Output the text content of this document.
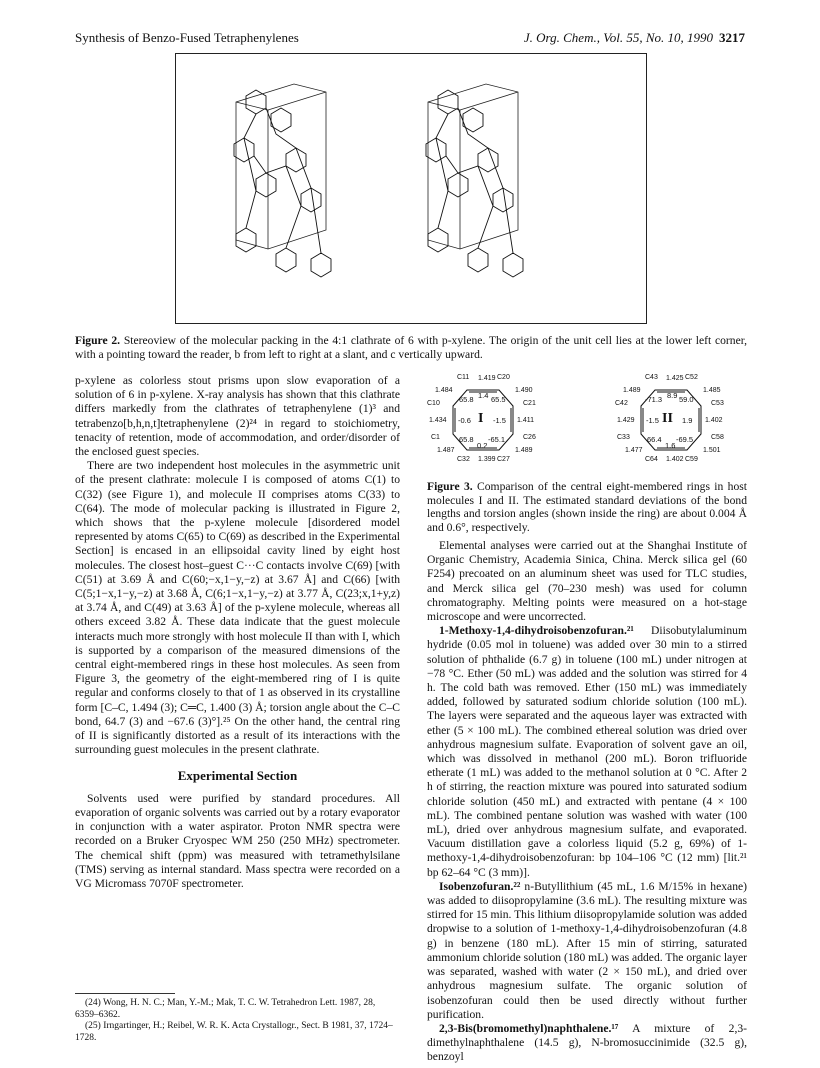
Synthesis of Benzo-Fused Tetraphenylenes	J. Org. Chem., Vol. 55, No. 10, 1990 3217
Figure 2. Stereoview of the molecular packing in the 4:1 clathrate of 6 with p-xylene. The origin of the unit cell lies at the lower left corner, with a pointing toward the reader, b from left to right at a slant, and c vertically upward.

p-xylene as colorless stout prisms upon slow evaporation of a solution of 6 in p-xylene. X-ray analysis has shown that this clathrate differs markedly from the clathrates of tetraphenylene (1)³ and tetrabenzo[b,h,n,t]tetraphenylene (2)²⁴ in regard to stoichiometry, tenacity of retention, mode of accommodation, and order/disorder of the enclosed guest species.

There are two independent host molecules in the asymmetric unit of the present clathrate: molecule I is composed of atoms C(1) to C(32) (see Figure 1), and molecule II comprises atoms C(33) to C(64). The mode of molecular packing is illustrated in Figure 2, which shows that the p-xylene molecule [disordered model represented by atoms C(65) to C(69) as described in the Experimental Section] is encased in an ellipsoidal cavity lined by eight host molecules. The closest host–guest C···C contacts involve C(69) [with C(51) at 3.69 Å and C(60;−x,1−y,−z) at 3.67 Å] and C(66) [with C(5;1−x,1−y,−z) at 3.68 Å, C(6;1−x,1−y,−z) at 3.77 Å, C(23;x,1+y,z) at 3.74 Å, and C(49) at 3.63 Å] of the p-xylene molecule, whereas all others exceed 3.82 Å. These data indicate that the guest molecule interacts much more strongly with host molecule II than with I, which is supported by a comparison of the measured dimensions of the central eight-membered rings in these host molecules. As seen from Figure 3, the geometry of the eight-membered ring of I is quite regular and conforms closely to that of 1 as observed in its crystalline form [C–C, 1.494 (3); C═C, 1.400 (3) Å; torsion angle about the C–C bond, 64.7 (3) and −67.6 (3)°].²⁵ On the other hand, the central ring of II is significantly distorted as a result of its interactions with the surrounding guest molecules in the present clathrate.

Experimental Section

Solvents used were purified by standard procedures. All evaporation of organic solvents was carried out by a rotary evaporator in conjunction with a water aspirator. Proton NMR spectra were recorded on a Bruker Cryospec WM 250 (250 MHz) spectrometer. The chemical shift (ppm) was measured with tetramethylsilane (TMS) serving as internal standard. Mass spectra were recorded on a VG Micromass 7070F spectrometer.

(24) Wong, H. N. C.; Man, Y.-M.; Mak, T. C. W. Tetrahedron Lett. 1987, 28, 6359–6362.

(25) Irngartinger, H.; Reibel, W. R. K. Acta Crystallogr., Sect. B 1981, 37, 1724–1728.

C11 1.419 C20
1.484	1.490
C10	C21
1.434	1.411
C1	C26
1.487	1.489
C32 1.399 C27
65.8 1.4 65.5
-0.6 I -1.5
65.8 -65.1
0.2
C43 1.425 C52
1.489	1.485
C42	C53
1.429	1.402
C33	C58
1.477	1.501
C64 1.402 C59
-71.3 8.9 59.0
-1.5 II 1.9
66.4 -69.5
1.6
Figure 3. Comparison of the central eight-membered rings in host molecules I and II. The estimated standard deviations of the bond lengths and torsion angles (shown inside the ring) are about 0.004 Å and 0.6°, respectively.

Elemental analyses were carried out at the Shanghai Institute of Organic Chemistry, Academia Sinica, China. Merck silica gel (60 F254) precoated on an aluminum sheet was used for TLC studies, and Merck silica gel (70–230 mesh) was used for column chromatography. Melting points were measured on a hot-stage microscope and were uncorrected.

1-Methoxy-1,4-dihydroisobenzofuran.²¹ Diisobutylaluminum hydride (0.05 mol in toluene) was added over 30 min to a stirred solution of phthalide (6.7 g) in toluene (100 mL) under nitrogen at −78 °C. Ether (50 mL) was added and the solution was stirred for 4 h. The cold bath was removed. Ether (150 mL) was immediately added, followed by saturated sodium chloride solution (100 mL). The layers were separated and the aqueous layer was extracted with ether (5 × 100 mL). The combined ethereal solution was dried over anhydrous magnesium sulfate. Evaporation of solvent gave an oil, which was dissolved in methanol (200 mL). Boron trifluoride etherate (1 mL) was added to the methanol solution at 0 °C. After 2 h of stirring, the reaction mixture was poured into saturated sodium chloride solution (450 mL) and extracted with pentane (4 × 100 mL). The combined pentane solution was washed with water (100 mL), dried over anhydrous magnesium sulfate, and evaporated. Vacuum distillation gave a colorless liquid (5.2 g, 69%) of 1-methoxy-1,4-dihydroisobenzofuran: bp 104–106 °C (12 mm) [lit.²¹ bp 62–64 °C (3 mm)].

Isobenzofuran.²² n-Butyllithium (45 mL, 1.6 M/15% in hexane) was added to diisopropylamine (3.6 mL). The resulting mixture was stirred for 15 min. This lithium diisopropylamide solution was added dropwise to a solution of 1-methoxy-1,4-dihydroisobenzofuran (4.8 g) in benzene (180 mL). After 15 min of stirring, saturated ammonium chloride solution (180 mL) was added. The organic layer was separated, washed with water (2 × 150 mL), and dried over anhydrous magnesium sulfate. The organic solution of isobenzofuran could then be used directly without further purification.

2,3-Bis(bromomethyl)naphthalene.¹⁷ A mixture of 2,3-dimethylnaphthalene (14.5 g), N-bromosuccinimide (32.5 g), benzoyl
